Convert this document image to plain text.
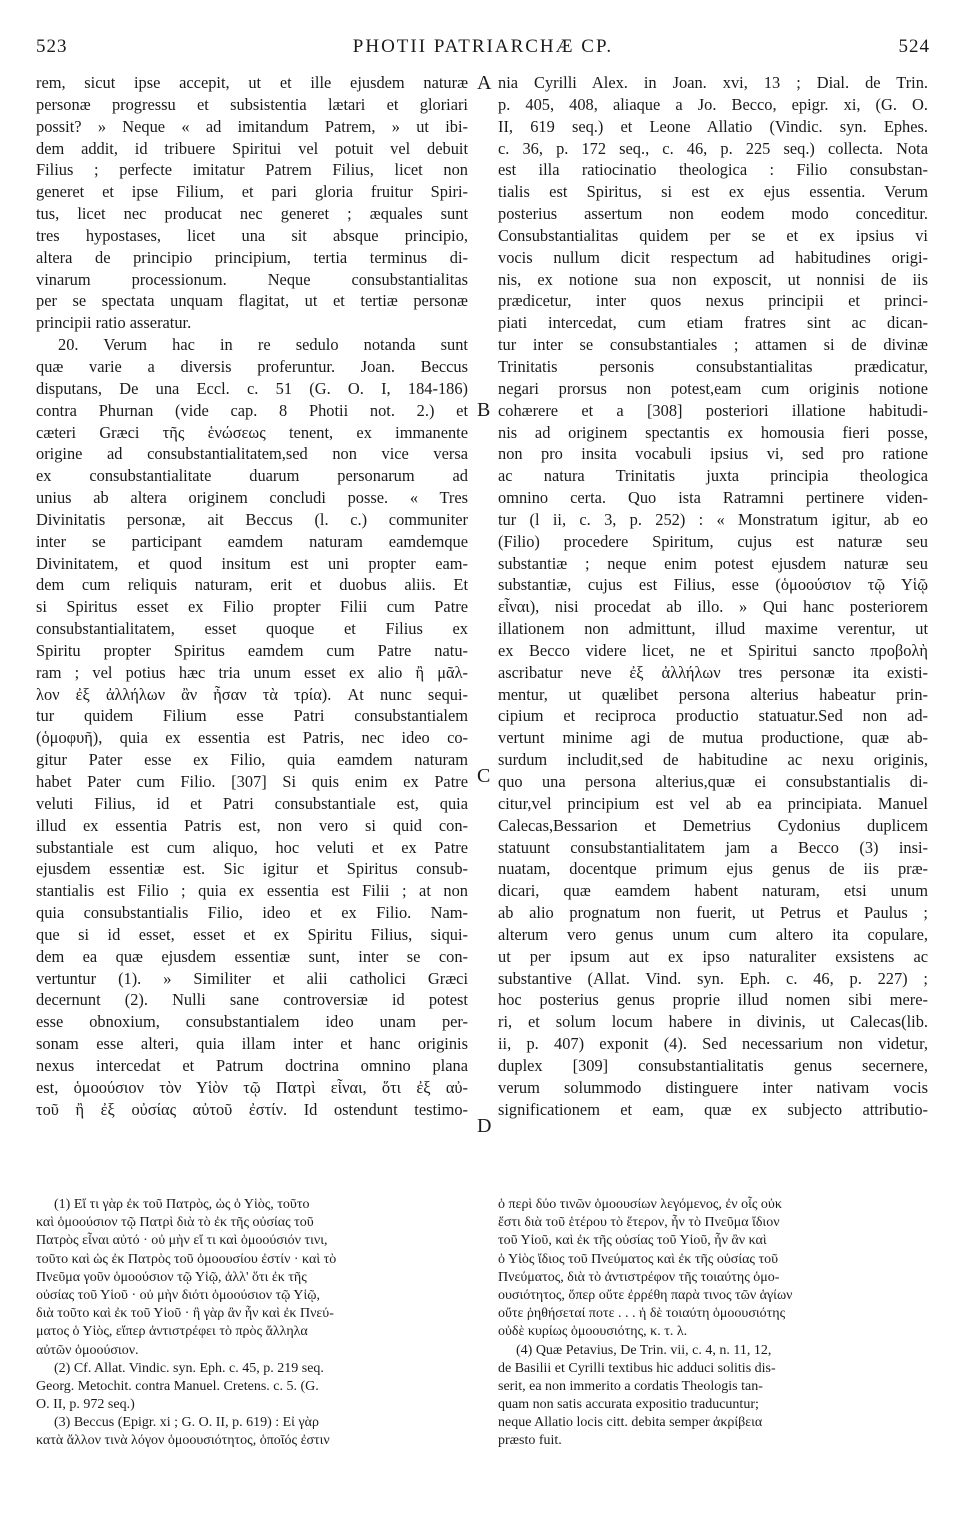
523	PHOTII PATRIARCHÆ CP.	524
A
B
C
D
rem, sicut ipse accepit, ut et ille ejusdem naturæ
personæ progressu et subsistentia lætari et gloriari
possit? » Neque « ad imitandum Patrem, » ut ibi-
dem addit, id tribuere Spiritui vel potuit vel debuit
Filius ; perfecte imitatur Patrem Filius, licet non
generet et ipse Filium, et pari gloria fruitur Spiri-
tus, licet nec producat nec generet ; æquales sunt
tres hypostases, licet una sit absque principio,
altera de principio principium, tertia terminus di-
vinarum processionum. Neque consubstantialitas
per se spectata unquam flagitat, ut et tertiæ personæ
principii ratio asseratur.
20. Verum hac in re sedulo notanda sunt
quæ varie a diversis proferuntur. Joan. Beccus
disputans, De una Eccl. c. 51 (G. O. I, 184-186)
contra Phurnan (vide cap. 8 Photii not. 2.) et
cæteri Græci τῆς ἑνώσεως tenent, ex immanente
origine ad consubstantialitatem,sed non vice versa
ex consubstantialitate duarum personarum ad
unius ab altera originem concludi posse. « Tres
Divinitatis personæ, ait Beccus (l. c.) communiter
inter se participant eamdem naturam eamdemque
Divinitatem, et quod insitum est uni propter eam-
dem cum reliquis naturam, erit et duobus aliis. Et
si Spiritus esset ex Filio propter Filii cum Patre
consubstantialitatem, esset quoque et Filius ex
Spiritu propter Spiritus eamdem cum Patre natu-
ram ; vel potius hæc tria unum esset ex alio ἢ μᾶλ-
λον ἐξ ἀλλήλων ἂν ἦσαν τὰ τρία). At nunc sequi-
tur quidem Filium esse Patri consubstantialem
(ὁμοφυῆ), quia ex essentia est Patris, nec ideo co-
gitur Pater esse ex Filio, quia eamdem naturam
habet Pater cum Filio. [307] Si quis enim ex Patre
veluti Filius, id et Patri consubstantiale est, quia
illud ex essentia Patris est, non vero si quid con-
substantiale est cum aliquo, hoc veluti et ex Patre
ejusdem essentiæ est. Sic igitur et Spiritus consub-
stantialis est Filio ; quia ex essentia est Filii ; at non
quia consubstantialis Filio, ideo et ex Filio. Nam-
que si id esset, esset et ex Spiritu Filius, siqui-
dem ea quæ ejusdem essentiæ sunt, inter se con-
vertuntur (1). » Similiter et alii catholici Græci
decernunt (2). Nulli sane controversiæ id potest
esse obnoxium, consubstantialem ideo unam per-
sonam esse alteri, quia illam inter et hanc originis
nexus intercedat et Patrum doctrina omnino plana
est, ὁμοούσιον τὸν Υἱὸν τῷ Πατρὶ εἶναι, ὅτι ἐξ αὐ-
τοῦ ἢ ἐξ οὐσίας αὐτοῦ ἐστίν. Id ostendunt testimo-
nia Cyrilli Alex. in Joan. xvi, 13 ; Dial. de Trin.
p. 405, 408, aliaque a Jo. Becco, epigr. xi, (G. O.
II, 619 seq.) et Leone Allatio (Vindic. syn. Ephes.
c. 36, p. 172 seq., c. 46, p. 225 seq.) collecta. Nota
est illa ratiocinatio theologica : Filio consubstan-
tialis est Spiritus, si est ex ejus essentia. Verum
posterius assertum non eodem modo conceditur.
Consubstantialitas quidem per se et ex ipsius vi
vocis nullum dicit respectum ad habitudines origi-
nis, ex notione sua non exposcit, ut nonnisi de iis
prædicetur, inter quos nexus principii et princi-
piati intercedat, cum etiam fratres sint ac dican-
tur inter se consubstantiales ; attamen si de divinæ
Trinitatis personis consubstantialitas prædicatur,
negari prorsus non potest,eam cum originis notione
cohærere et a [308] posteriori illatione habitudi-
nis ad originem spectantis ex homousia fieri posse,
non pro insita vocabuli ipsius vi, sed pro ratione
ac natura Trinitatis juxta principia theologica
omnino certa. Quo ista Ratramni pertinere viden-
tur (l ii, c. 3, p. 252) : « Monstratum igitur, ab eo
(Filio) procedere Spiritum, cujus est naturæ seu
substantiæ ; neque enim potest ejusdem naturæ seu
substantiæ, cujus est Filius, esse (ὁμοούσιον τῷ Υἱῷ
εἶναι), nisi procedat ab illo. » Qui hanc posteriorem
illationem non admittunt, illud maxime verentur, ut
ex Becco videre licet, ne et Spiritui sancto προβολὴ
ascribatur neve ἐξ ἀλλήλων tres personæ ita existi-
mentur, ut quælibet persona alterius habeatur prin-
cipium et reciproca productio statuatur.Sed non ad-
vertunt minime agi de mutua productione, quæ ab-
surdum includit,sed de habitudine ac nexu originis,
quo una persona alterius,quæ ei consubstantialis di-
citur,vel principium est vel ab ea principiata. Manuel
Calecas,Bessarion et Demetrius Cydonius duplicem
statuunt consubstantialitatem jam a Becco (3) insi-
nuatam, docentque primum ejus genus de iis præ-
dicari, quæ eamdem habent naturam, etsi unum
ab alio prognatum non fuerit, ut Petrus et Paulus ;
alterum vero genus unum cum altero ita copulare,
ut per ipsum aut ex ipso naturaliter exsistens ac
substantive (Allat. Vind. syn. Eph. c. 46, p. 227) ;
hoc posterius genus proprie illud nomen sibi mere-
ri, et solum locum habere in divinis, ut Calecas(lib.
ii, p. 407) exponit (4). Sed necessarium non videtur,
duplex [309] consubstantialitatis genus secernere,
verum solummodo distinguere inter nativam vocis
significationem et eam, quæ ex subjecto attributio-
(1) Εἴ τι γὰρ ἐκ τοῦ Πατρὸς, ὡς ὁ Υἱὸς, τοῦτο
καὶ ὁμοούσιον τῷ Πατρὶ διὰ τὸ ἐκ τῆς οὐσίας τοῦ
Πατρὸς εἶναι αὐτό · οὐ μὴν εἴ τι καὶ ὁμοούσιόν τινι,
τοῦτο καὶ ὡς ἐκ Πατρὸς τοῦ ὁμοουσίου ἐστίν · καὶ τὸ
Πνεῦμα γοῦν ὁμοούσιον τῷ Υἱῷ, ἀλλ' ὅτι ἐκ τῆς
οὐσίας τοῦ Υἱοῦ · οὐ μὴν διότι ὁμοούσιον τῷ Υἱῷ,
διὰ τοῦτο καὶ ἐκ τοῦ Υἱοῦ · ἢ γὰρ ἂν ἦν καὶ ἐκ Πνεύ-
ματος ὁ Υἱὸς, εἴπερ ἀντιστρέφει τὸ πρὸς ἄλληλα
αὐτῶν ὁμοούσιον.
(2) Cf. Allat. Vindic. syn. Eph. c. 45, p. 219 seq.
Georg. Metochit. contra Manuel. Cretens. c. 5. (G.
O. II, p. 972 seq.)
(3) Beccus (Epigr. xi ; G. O. II, p. 619) : Εἰ γὰρ
κατὰ ἄλλον τινὰ λόγον ὁμοουσιότητος, ὁποῖός ἐστιν
ὁ περὶ δύο τινῶν ὁμοουσίων λεγόμενος, ἐν οἷς οὐκ
ἔστι διὰ τοῦ ἑτέρου τὸ ἕτερον, ἦν τὸ Πνεῦμα ἴδιον
τοῦ Υἱοῦ, καὶ ἐκ τῆς οὐσίας τοῦ Υἱοῦ, ἦν ἂν καὶ
ὁ Υἱὸς ἴδιος τοῦ Πνεύματος καὶ ἐκ τῆς οὐσίας τοῦ
Πνεύματος, διὰ τὸ ἀντιστρέφον τῆς τοιαύτης ὁμο-
ουσιότητος, ὅπερ οὔτε ἐρρέθη παρὰ τινος τῶν ἁγίων
οὔτε ῥηθήσεταί ποτε . . . ἡ δὲ τοιαύτη ὁμοουσιότης
οὐδὲ κυρίως ὁμοουσιότης, κ. τ. λ.
(4) Quæ Petavius, De Trin. vii, c. 4, n. 11, 12,
de Basilii et Cyrilli textibus hic adduci solitis dis-
serit, ea non immerito a cordatis Theologis tan-
quam non satis accurata expositio traducuntur;
neque Allatio locis citt. debita semper ἀκρίβεια
præsto fuit.
